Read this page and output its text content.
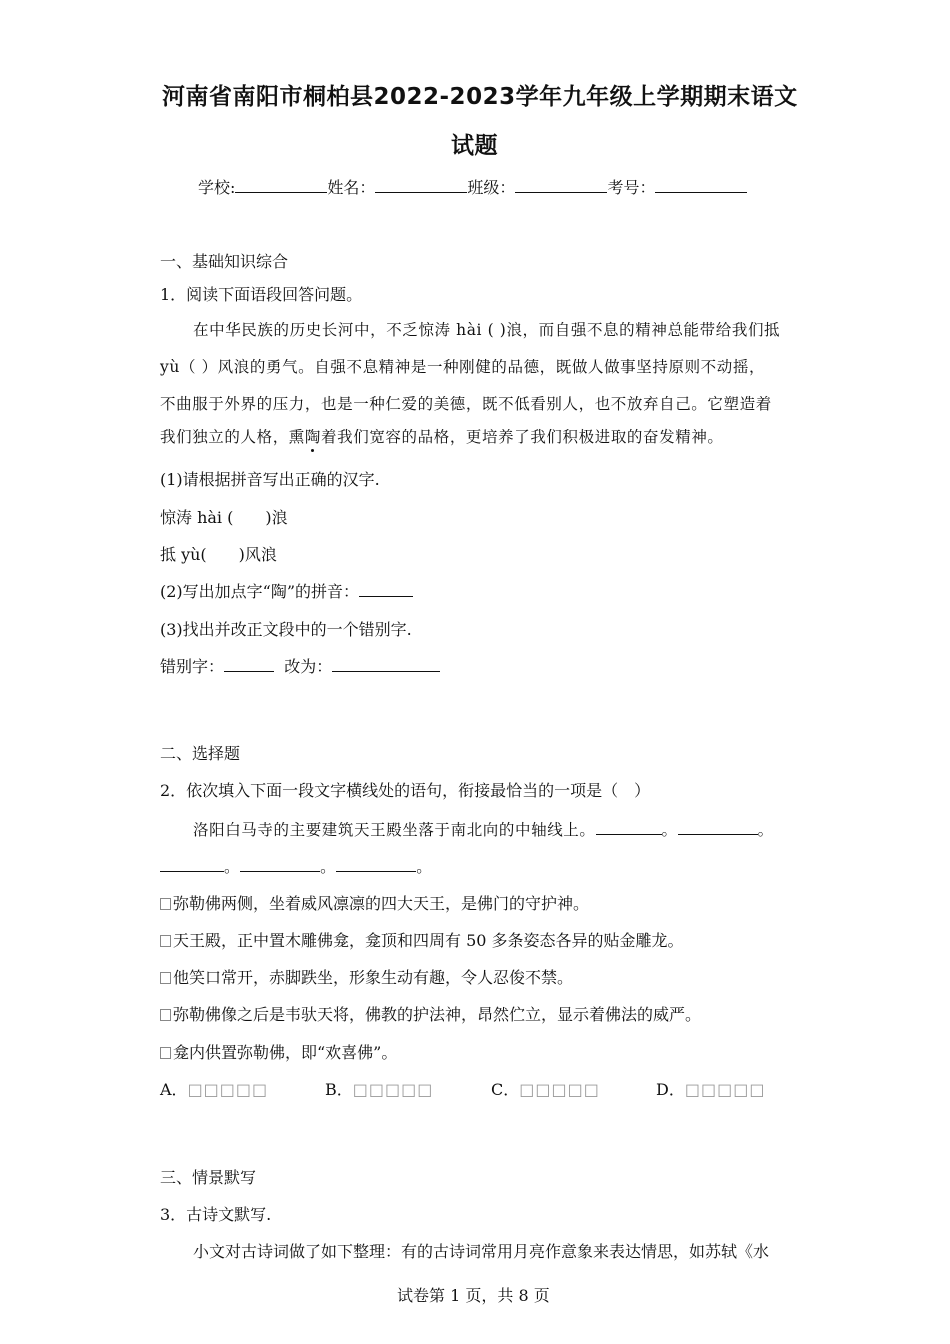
河南省南阳市桐柏县2022-2023学年九年级上学期期末语文
试题
学校:	姓名：	班级：	考号：
一、基础知识综合
1．阅读下面语段回答问题。
在中华民族的历史长河中，不乏惊涛 hài ( )浪，而自强不息的精神总能带给我们抵
yù（ ）风浪的勇气。自强不息精神是一种刚健的品德，既做人做事坚持原则不动摇，
不曲服于外界的压力，也是一种仁爱的美德，既不低看别人，也不放弃自己。它塑造着
我们独立的人格，熏陶着我们宽容的品格，更培养了我们积极进取的奋发精神。
(1)请根据拼音写出正确的汉字.
惊涛 hài (　　)浪
抵 yù(　　)风浪
(2)写出加点字“陶”的拼音：
(3)找出并改正文段中的一个错别字.
错别字：	改为：
二、选择题
2．依次填入下面一段文字横线处的语句，衔接最恰当的一项是（　）
洛阳白马寺的主要建筑天王殿坐落于南北向的中轴线上。	。	。
。	。	。
弥勒佛两侧，坐着威风凛凛的四大天王，是佛门的守护神。
天王殿，正中置木雕佛龛，龛顶和四周有 50 多条姿态各异的贴金雕龙。
他笑口常开，赤脚跌坐，形象生动有趣，令人忍俊不禁。
弥勒佛像之后是韦驮天将，佛教的护法神，昂然伫立，显示着佛法的威严。
龛内供置弥勒佛，即“欢喜佛”。
A．□□□□□	B．□□□□□	C．□□□□□	D．□□□□□
三、情景默写
3．古诗文默写.
小文对古诗词做了如下整理：有的古诗词常用月亮作意象来表达情思，如苏轼《水
试卷第 1 页，共 8 页
